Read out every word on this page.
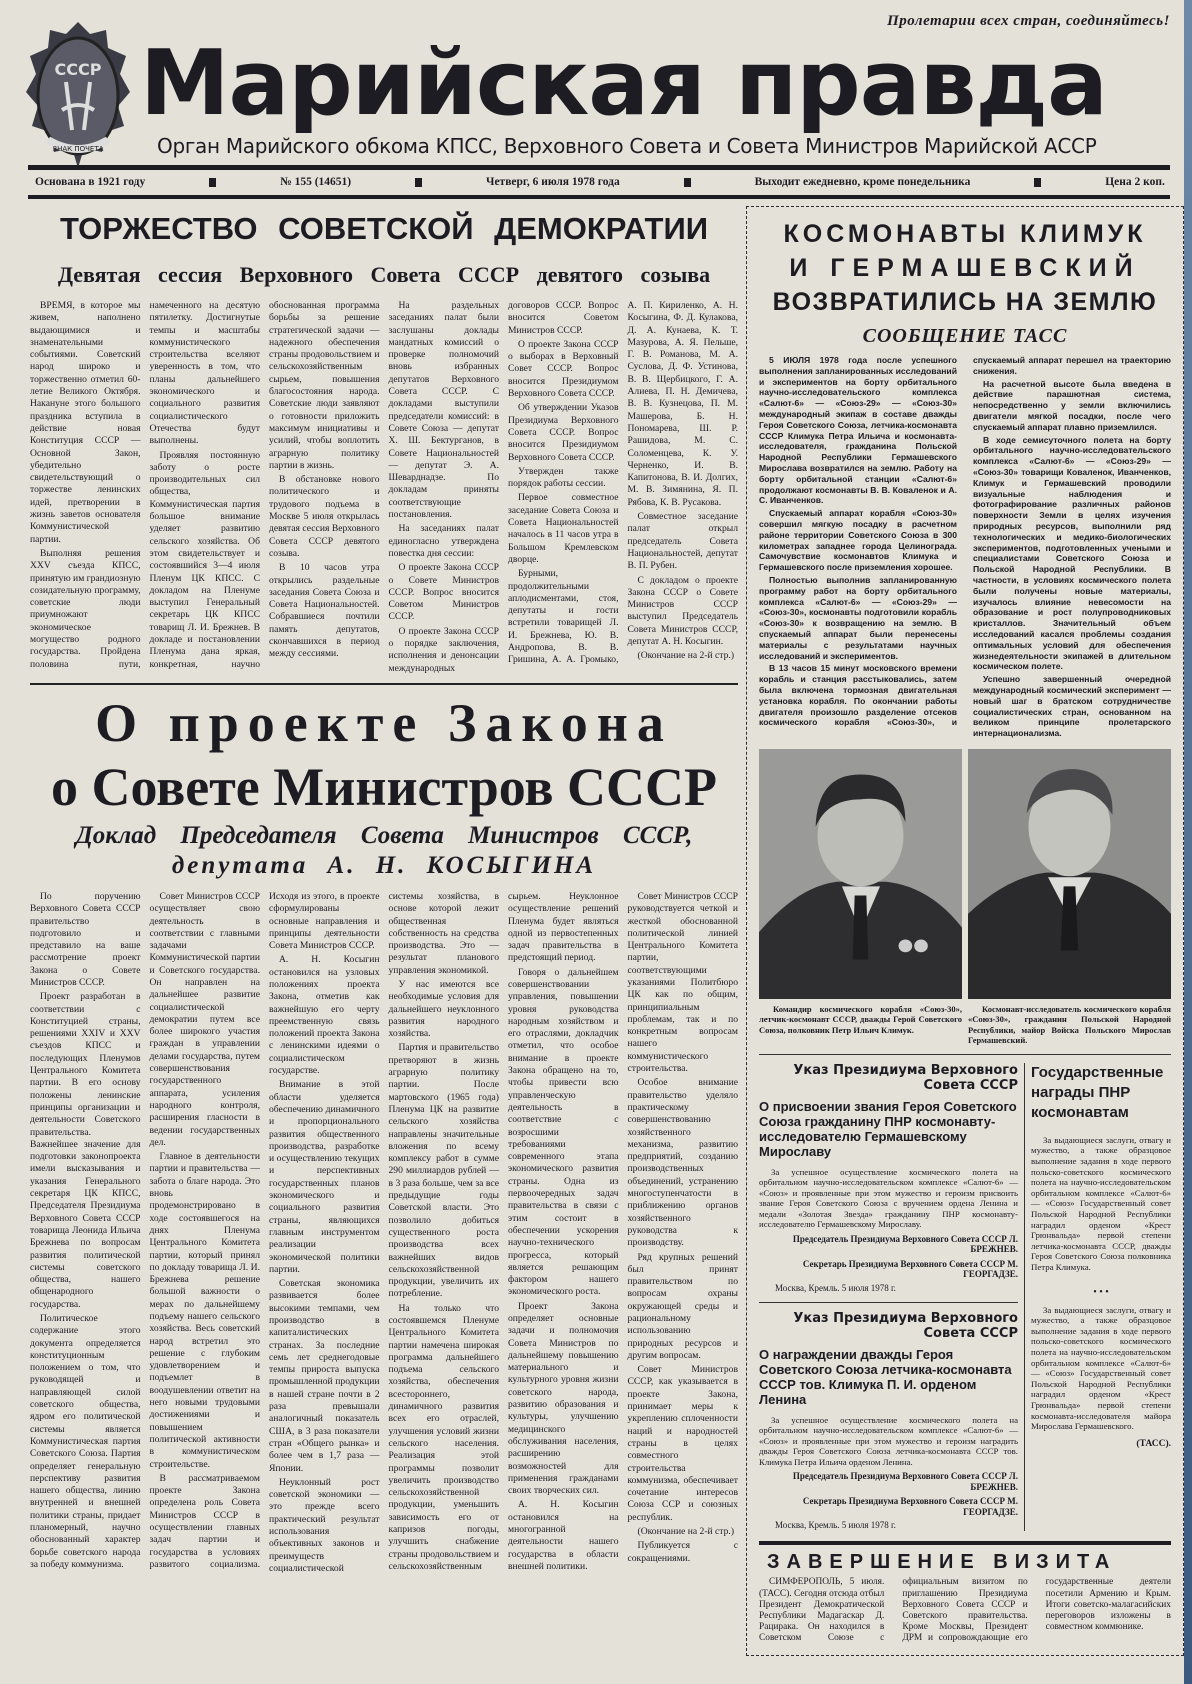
СССР
ЗНАК ПОЧЕТА
Пролетарии всех стран, соединяйтесь!
Марийская правда
Орган Марийского обкома КПСС, Верховного Совета и Совета Министров Марийской АССР
Основана в 1921 году	№ 155 (14651)	Четверг, 6 июля 1978 года	Выходит ежедневно, кроме понедельника	Цена 2 коп.
ТОРЖЕСТВО СОВЕТСКОЙ ДЕМОКРАТИИ
Девятая сессия Верховного Совета СССР девятого созыва

ВРЕМЯ, в которое мы живем, наполнено выдающимися и знаменательными событиями. Советский народ широко и торжественно отметил 60-летие Великого Октября. Накануне этого большого праздника вступила в действие новая Конституция СССР — Основной Закон, убедительно свидетельствующий о торжестве ленинских идей, претворении в жизнь заветов основателя Коммунистической партии.

Выполняя решения XXV съезда КПСС, принятую им грандиозную созидательную программу, советские люди приумножают экономическое могущество родного государства. Пройдена половина пути, намеченного на десятую пятилетку. Достигнутые темпы и масштабы коммунистического строительства вселяют уверенность в том, что планы дальнейшего экономического и социального развития социалистического Отечества будут выполнены.

Проявляя постоянную заботу о росте производительных сил общества, Коммунистическая партия большое внимание уделяет развитию сельского хозяйства. Об этом свидетельствует и состоявшийся 3—4 июля Пленум ЦК КПСС. С докладом на Пленуме выступил Генеральный секретарь ЦК КПСС товарищ Л. И. Брежнев. В докладе и постановлении Пленума дана яркая, конкретная, научно обоснованная программа борьбы за решение стратегической задачи — надежного обеспечения страны продовольствием и сельскохозяйственным сырьем, повышения благосостояния народа. Советские люди заявляют о готовности приложить максимум инициативы и усилий, чтобы воплотить аграрную политику партии в жизнь.

В обстановке нового политического и трудового подъема в Москве 5 июля открылась девятая сессия Верховного Совета СССР девятого созыва.

В 10 часов утра открылись раздельные заседания Совета Союза и Совета Национальностей. Собравшиеся почтили память депутатов, скончавшихся в период между сессиями.

На раздельных заседаниях палат были заслушаны доклады мандатных комиссий о проверке полномочий вновь избранных депутатов Верховного Совета СССР. С докладами выступили председатели комиссий: в Совете Союза — депутат Х. Ш. Бектурганов, в Совете Национальностей — депутат Э. А. Шеварднадзе. По докладам приняты соответствующие постановления.

На заседаниях палат единогласно утверждена повестка дня сессии:

О проекте Закона СССР о Совете Министров СССР. Вопрос вносится Советом Министров СССР.

О проекте Закона СССР о порядке заключения, исполнения и денонсации международных договоров СССР. Вопрос вносится Советом Министров СССР.

О проекте Закона СССР о выборах в Верховный Совет СССР. Вопрос вносится Президиумом Верховного Совета СССР.

Об утверждении Указов Президиума Верховного Совета СССР. Вопрос вносится Президиумом Верховного Совета СССР.

Утвержден также порядок работы сессии.

Первое совместное заседание Совета Союза и Совета Национальностей началось в 11 часов утра в Большом Кремлевском дворце.

Бурными, продолжительными аплодисментами, стоя, депутаты и гости встретили товарищей Л. И. Брежнева, Ю. В. Андропова, В. В. Гришина, А. А. Громыко, А. П. Кириленко, А. Н. Косыгина, Ф. Д. Кулакова, Д. А. Кунаева, К. Т. Мазурова, А. Я. Пельше, Г. В. Романова, М. А. Суслова, Д. Ф. Устинова, В. В. Щербицкого, Г. А. Алиева, П. Н. Демичева, В. В. Кузнецова, П. М. Машерова, Б. Н. Пономарева, Ш. Р. Рашидова, М. С. Соломенцева, К. У. Черненко, И. В. Капитонова, В. И. Долгих, М. В. Зимянина, Я. П. Рябова, К. В. Русакова.

Совместное заседание палат открыл председатель Совета Национальностей, депутат В. П. Рубен.

С докладом о проекте Закона СССР о Совете Министров СССР выступил Председатель Совета Министров СССР, депутат А. Н. Косыгин.

(Окончание на 2-й стр.)

О проекте Закона
о Совете Министров СССР
Доклад Председателя Совета Министров СССР,
депутата А. Н. КОСЫГИНА

По поручению Верховного Совета СССР правительство подготовило и представило на ваше рассмотрение проект Закона о Совете Министров СССР.

Проект разработан в соответствии с Конституцией страны, решениями XXIV и XXV съездов КПСС и последующих Пленумов Центрального Комитета партии. В его основу положены ленинские принципы организации и деятельности Советского правительства. Важнейшее значение для подготовки законопроекта имели высказывания и указания Генерального секретаря ЦК КПСС, Председателя Президиума Верховного Совета СССР товарища Леонида Ильича Брежнева по вопросам развития политической системы советского общества, нашего общенародного государства.

Политическое содержание этого документа определяется конституционным положением о том, что руководящей и направляющей силой советского общества, ядром его политической системы является Коммунистическая партия Советского Союза. Партия определяет генеральную перспективу развития нашего общества, линию внутренней и внешней политики страны, придает планомерный, научно обоснованный характер борьбе советского народа за победу коммунизма.

Совет Министров СССР осуществляет свою деятельность в соответствии с главными задачами Коммунистической партии и Советского государства. Он направлен на дальнейшее развитие социалистической демократии путем все более широкого участия граждан в управлении делами государства, путем совершенствования государственного аппарата, усиления народного контроля, расширения гласности в ведении государственных дел.

Главное в деятельности партии и правительства — забота о благе народа. Это вновь продемонстрировано в ходе состоявшегося на днях Пленума Центрального Комитета партии, который принял по докладу товарища Л. И. Брежнева решение большой важности о мерах по дальнейшему подъему нашего сельского хозяйства. Весь советский народ встретил это решение с глубоким удовлетворением и подъемлет в воодушевлении ответит на него новыми трудовыми достижениями и повышением политической активности в коммунистическом строительстве.

В рассматриваемом проекте Закона определена роль Совета Министров СССР в осуществлении главных задач партии и государства в условиях развитого социализма. Исходя из этого, в проекте сформулированы основные направления и принципы деятельности Совета Министров СССР.

А. Н. Косыгин остановился на узловых положениях проекта Закона, отметив как важнейшую его черту преемственную связь положений проекта Закона с ленинскими идеями о социалистическом государстве.

Внимание в этой области уделяется обеспечению динамичного и пропорционального развития общественного производства, разработке и осуществлению текущих и перспективных государственных планов экономического и социального развития страны, являющихся главным инструментом реализации экономической политики партии.

Советская экономика развивается более высокими темпами, чем производство в капиталистических странах. За последние семь лет среднегодовые темпы прироста выпуска промышленной продукции в нашей стране почти в 2 раза превышали аналогичный показатель США, в 3 раза показатели стран «Общего рынка» и более чем в 1,7 раза — Японии.

Неуклонный рост советской экономики — это прежде всего практический результат использования объективных законов и преимуществ социалистической системы хозяйства, в основе которой лежит общественная собственность на средства производства. Это — результат планового управления экономикой.

У нас имеются все необходимые условия для дальнейшего неуклонного развития народного хозяйства.

Партия и правительство претворяют в жизнь аграрную политику партии. После мартовского (1965 года) Пленума ЦК на развитие сельского хозяйства направлены значительные вложения по всему комплексу работ в сумме 290 миллиардов рублей — в 3 раза больше, чем за все предыдущие годы Советской власти. Это позволило добиться существенного роста производства всех важнейших видов сельскохозяйственной продукции, увеличить их потребление.

На только что состоявшемся Пленуме Центрального Комитета партии намечена широкая программа дальнейшего подъема сельского хозяйства, обеспечения всестороннего, динамичного развития всех его отраслей, улучшения условий жизни сельского населения. Реализация этой программы позволит увеличить производство сельскохозяйственной продукции, уменьшить зависимость его от капризов погоды, улучшить снабжение страны продовольствием и сельскохозяйственным сырьем. Неуклонное осуществление решений Пленума будет являться одной из первостепенных задач правительства в предстоящий период.

Говоря о дальнейшем совершенствовании управления, повышении уровня руководства народным хозяйством и его отраслями, докладчик отметил, что особое внимание в проекте Закона обращено на то, чтобы привести всю управленческую деятельность в соответствие с возросшими требованиями современного этапа экономического развития страны. Одна из первоочередных задач правительства в связи с этим состоит в обеспечении ускорения научно-технического прогресса, который является решающим фактором нашего экономического роста.

Проект Закона определяет основные задачи и полномочия Совета Министров по дальнейшему повышению материального и культурного уровня жизни советского народа, развитию образования и культуры, улучшению медицинского обслуживания населения, расширению возможностей для применения гражданами своих творческих сил.

А. Н. Косыгин остановился на многогранной деятельности нашего государства в области внешней политики.

Совет Министров СССР руководствуется четкой и жесткой обоснованной политической линией Центрального Комитета партии, соответствующими указаниями Политбюро ЦК как по общим, принципиальным проблемам, так и по конкретным вопросам нашего коммунистического строительства.

Особое внимание правительство уделяло практическому совершенствованию хозяйственного механизма, развитию предприятий, созданию производственных объединений, устранению многоступенчатости в приближению органов хозяйственного руководства к производству.

Ряд крупных решений был принят правительством по вопросам охраны окружающей среды и рациональному использованию природных ресурсов и другим вопросам.

Совет Министров СССР, как указывается в проекте Закона, принимает меры к укреплению сплоченности наций и народностей страны в целях совместного строительства коммунизма, обеспечивает сочетание интересов Союза ССР и союзных республик.

(Окончание на 2-й стр.)

Публикуется с сокращениями.

КОСМОНАВТЫ КЛИМУК
И ГЕРМАШЕВСКИЙ
ВОЗВРАТИЛИСЬ НА ЗЕМЛЮ
СООБЩЕНИЕ ТАСС

5 ИЮЛЯ 1978 года после успешного выполнения запланированных исследований и экспериментов на борту орбитального научно-исследовательского комплекса «Салют-6» — «Союз-29» — «Союз-30» международный экипаж в составе дважды Героя Советского Союза, летчика-космонавта СССР Климука Петра Ильича и космонавта-исследователя, гражданина Польской Народной Республики Гермашевского Мирослава возвратился на землю. Работу на борту орбитальной станции «Салют-6» продолжают космонавты В. В. Коваленок и А. С. Иванченков.

Спускаемый аппарат корабля «Союз-30» совершил мягкую посадку в расчетном районе территории Советского Союза в 300 километрах западнее города Целинограда. Самочувствие космонавтов Климука и Гермашевского после приземления хорошее.

Полностью выполнив запланированную программу работ на борту орбитального комплекса «Салют-6» — «Союз-29» — «Союз-30», космонавты подготовили корабль «Союз-30» к возвращению на землю. В спускаемый аппарат были перенесены материалы с результатами научных исследований и экспериментов.

В 13 часов 15 минут московского времени корабль и станция расстыковались, затем была включена тормозная двигательная установка корабля. По окончании работы двигателя произошло разделение отсеков космического корабля «Союз-30», и спускаемый аппарат перешел на траекторию снижения.

На расчетной высоте была введена в действие парашютная система, непосредственно у земли включились двигатели мягкой посадки, после чего спускаемый аппарат плавно приземлился.

В ходе семисуточного полета на борту орбитального научно-исследовательского комплекса «Салют-6» — «Союз-29» — «Союз-30» товарищи Коваленок, Иванченков, Климук и Гермашевский проводили визуальные наблюдения и фотографирование различных районов поверхности Земли в целях изучения природных ресурсов, выполнили ряд технологических и медико-биологических экспериментов, подготовленных учеными и специалистами Советского Союза и Польской Народной Республики. В частности, в условиях космического полета были получены новые материалы, изучалось влияние невесомости на образование и рост полупроводниковых кристаллов. Значительный объем исследований касался проблемы создания оптимальных условий для обеспечения жизнедеятельности экипажей в длительном космическом полете.

Успешно завершенный очередной международный космический эксперимент — новый шаг в братском сотрудничестве социалистических стран, основанном на великом принципе пролетарского интернационализма.

Командир космического корабля «Союз-30», летчик-космонавт СССР, дважды Герой Советского Союза, полковник Петр Ильич Климук.
Космонавт-исследователь космического корабля «Союз-30», гражданин Польской Народной Республики, майор Войска Польского Мирослав Гермашевский.
Указ Президиума Верховного Совета СССР
О присвоении звания Героя Советского Союза гражданину ПНР космонавту-исследователю Гермашевскому Мирославу

За успешное осуществление космического полета на орбитальном научно-исследовательском комплексе «Салют-6» — «Союз» и проявленные при этом мужество и героизм присвоить звание Героя Советского Союза с вручением ордена Ленина и медали «Золотая Звезда» гражданину ПНР космонавту-исследователю Гермашевскому Мирославу.

Председатель Президиума Верховного Совета СССР Л. БРЕЖНЕВ.
Секретарь Президиума Верховного Совета СССР М. ГЕОРГАДЗЕ.
Москва, Кремль. 5 июля 1978 г.
Указ Президиума Верховного Совета СССР
О награждении дважды Героя Советского Союза летчика-космонавта СССР тов. Климука П. И. орденом Ленина

За успешное осуществление космического полета на орбитальном научно-исследовательском комплексе «Салют-6» — «Союз» и проявленные при этом мужество и героизм наградить дважды Героя Советского Союза летчика-космонавта СССР тов. Климука Петра Ильича орденом Ленина.

Председатель Президиума Верховного Совета СССР Л. БРЕЖНЕВ.
Секретарь Президиума Верховного Совета СССР М. ГЕОРГАДЗЕ.
Москва, Кремль. 5 июля 1978 г.
Государственные награды ПНР космонавтам

За выдающиеся заслуги, отвагу и мужество, а также образцовое выполнение задания в ходе первого польско-советского космического полета на научно-исследовательском орбитальном комплексе «Салют-6» — «Союз» Государственный совет Польской Народной Республики наградил орденом «Крест Грюнвальда» первой степени летчика-космонавта СССР, дважды Героя Советского Союза полковника Петра Климука.

• • •

За выдающиеся заслуги, отвагу и мужество, а также образцовое выполнение задания в ходе первого польско-советского космического полета на научно-исследовательском орбитальном комплексе «Салют-6» — «Союз» Государственный совет Польской Народной Республики наградил орденом «Крест Грюнвальда» первой степени космонавта-исследователя майора Мирослава Гермашевского.

(ТАСС).
ЗАВЕРШЕНИЕ ВИЗИТА

СИМФЕРОПОЛЬ, 5 июля. (ТАСС). Сегодня отсюда отбыл Президент Демократической Республики Мадагаскар Д. Рацирака. Он находился в Советском Союзе с официальным визитом по приглашению Президиума Верховного Совета СССР и Советского правительства. Кроме Москвы, Президент ДРМ и сопровождающие его государственные деятели посетили Армению и Крым. Итоги советско-малагасийских переговоров изложены в совместном коммюнике.
